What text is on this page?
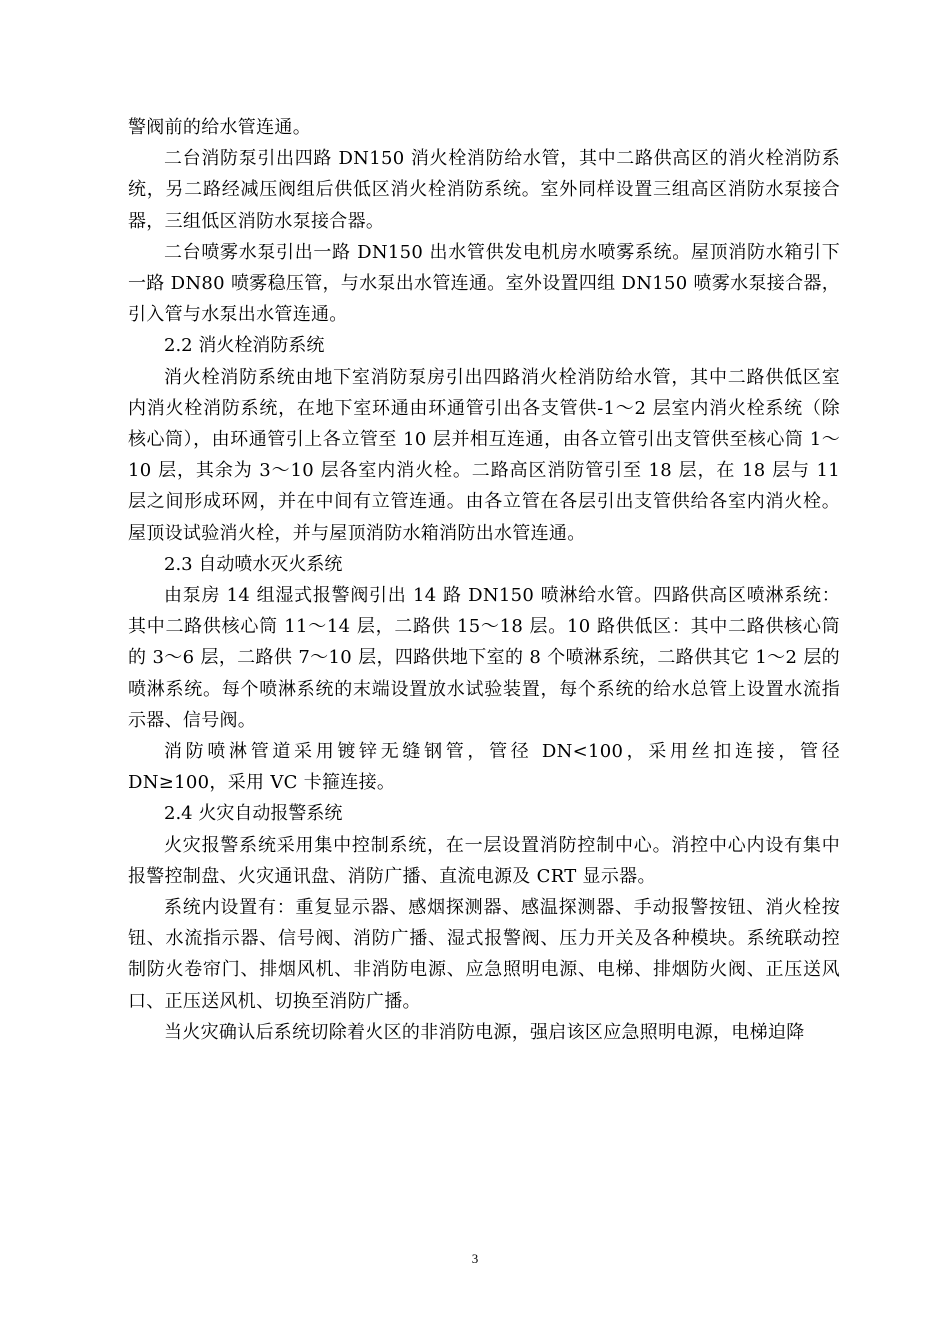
警阀前的给水管连通。

二台消防泵引出四路 DN150 消火栓消防给水管，其中二路供高区的消火栓消防系统，另二路经减压阀组后供低区消火栓消防系统。室外同样设置三组高区消防水泵接合器，三组低区消防水泵接合器。

二台喷雾水泵引出一路 DN150 出水管供发电机房水喷雾系统。屋顶消防水箱引下一路 DN80 喷雾稳压管，与水泵出水管连通。室外设置四组 DN150 喷雾水泵接合器，引入管与水泵出水管连通。

2.2 消火栓消防系统

消火栓消防系统由地下室消防泵房引出四路消火栓消防给水管，其中二路供低区室内消火栓消防系统，在地下室环通由环通管引出各支管供-1～2 层室内消火栓系统（除核心筒），由环通管引上各立管至 10 层并相互连通，由各立管引出支管供至核心筒 1～10 层，其余为 3～10 层各室内消火栓。二路高区消防管引至 18 层，在 18 层与 11 层之间形成环网，并在中间有立管连通。由各立管在各层引出支管供给各室内消火栓。屋顶设试验消火栓，并与屋顶消防水箱消防出水管连通。

2.3 自动喷水灭火系统

由泵房 14 组湿式报警阀引出 14 路 DN150 喷淋给水管。四路供高区喷淋系统：其中二路供核心筒 11～14 层，二路供 15～18 层。10 路供低区：其中二路供核心筒的 3～6 层，二路供 7～10 层，四路供地下室的 8 个喷淋系统，二路供其它 1～2 层的喷淋系统。每个喷淋系统的末端设置放水试验装置，每个系统的给水总管上设置水流指示器、信号阀。

消防喷淋管道采用镀锌无缝钢管，管径 DN<100，采用丝扣连接，管径 DN≥100，采用 VC 卡箍连接。

2.4 火灾自动报警系统

火灾报警系统采用集中控制系统，在一层设置消防控制中心。消控中心内设有集中报警控制盘、火灾通讯盘、消防广播、直流电源及 CRT 显示器。

系统内设置有：重复显示器、感烟探测器、感温探测器、手动报警按钮、消火栓按钮、水流指示器、信号阀、消防广播、湿式报警阀、压力开关及各种模块。系统联动控制防火卷帘门、排烟风机、非消防电源、应急照明电源、电梯、排烟防火阀、正压送风口、正压送风机、切换至消防广播。

当火灾确认后系统切除着火区的非消防电源，强启该区应急照明电源，电梯迫降

3
